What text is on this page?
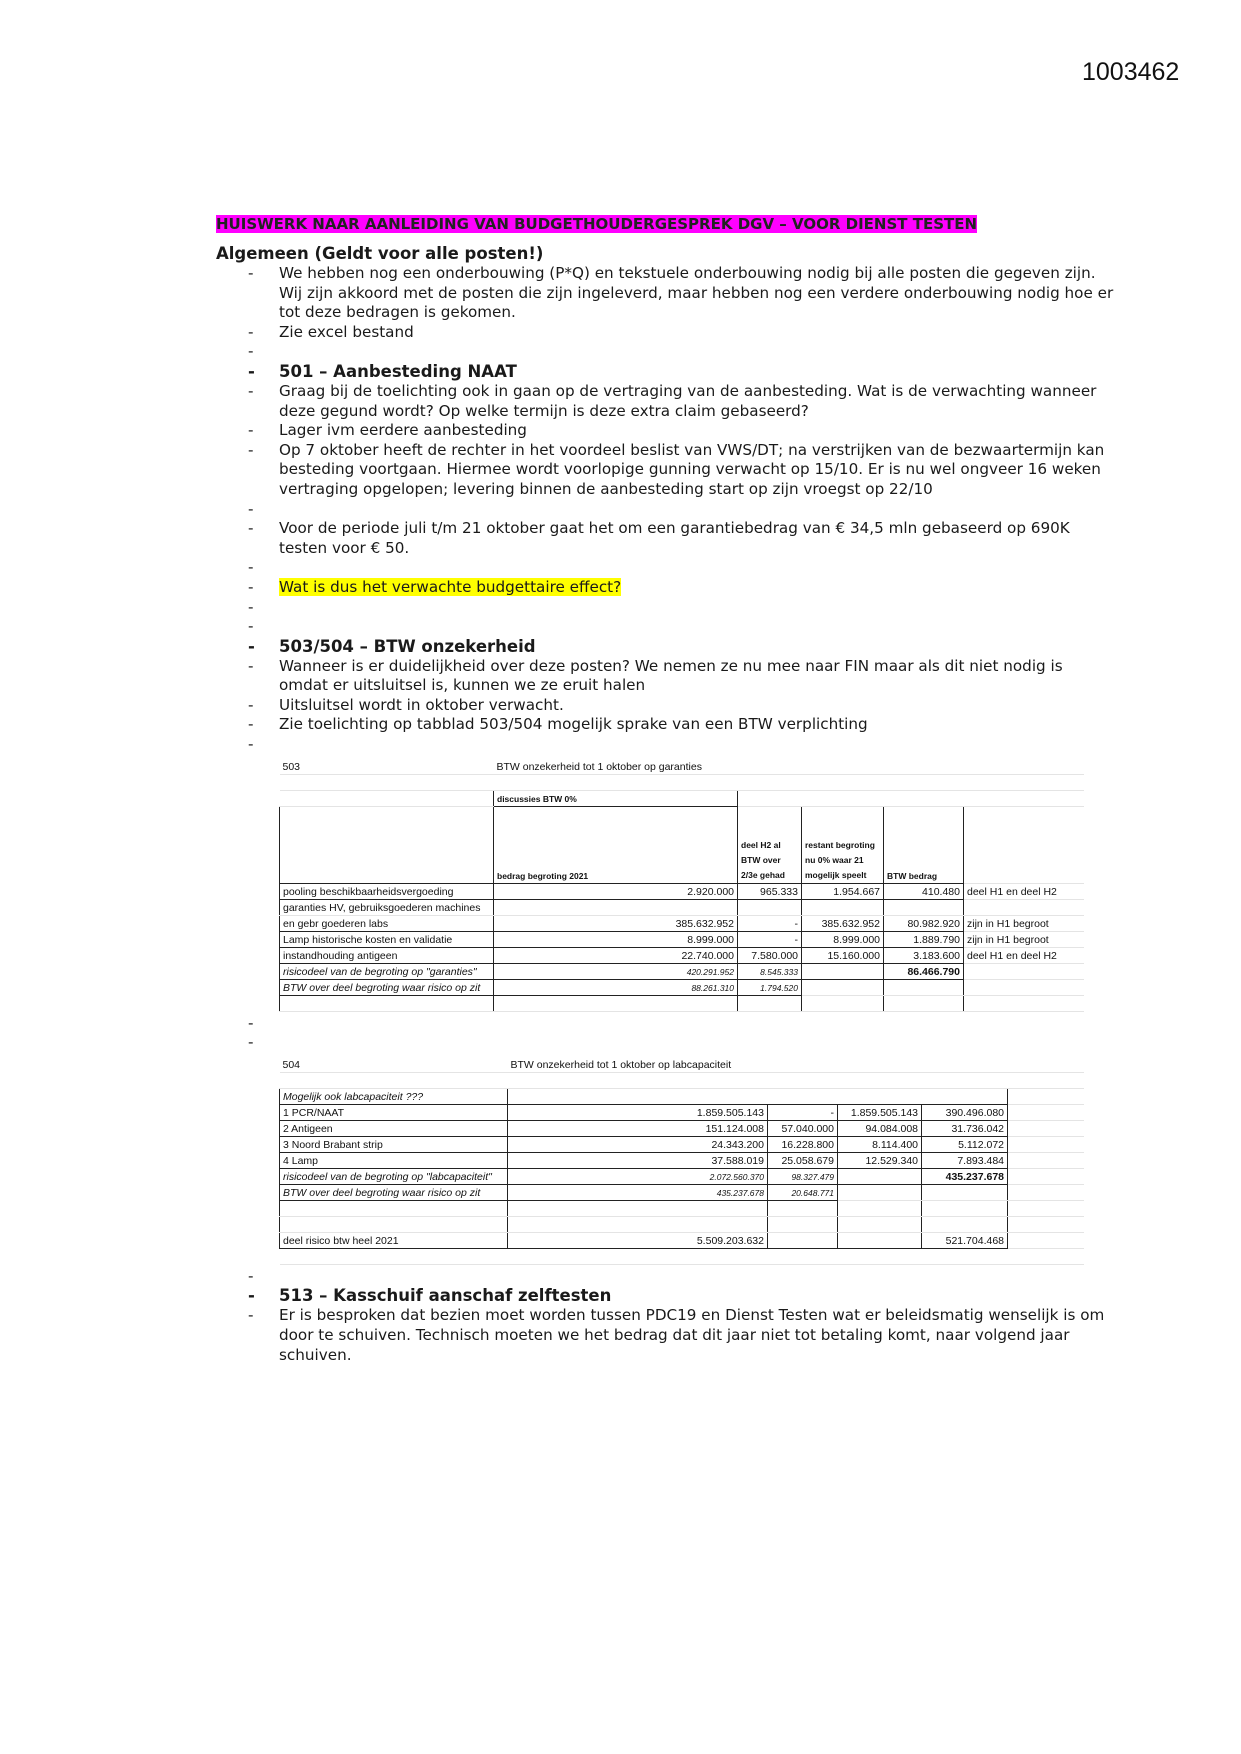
1003462
HUISWERK NAAR AANLEIDING VAN BUDGETHOUDERGESPREK DGV – VOOR DIENST TESTEN
Algemeen (Geldt voor alle posten!)
- We hebben nog een onderbouwing (P*Q) en tekstuele onderbouwing nodig bij alle posten die gegeven zijn. Wij zijn akkoord met de posten die zijn ingeleverd, maar hebben nog een verdere onderbouwing nodig hoe er tot deze bedragen is gekomen.
- Zie excel bestand
-
- 501 – Aanbesteding NAAT
- Graag bij de toelichting ook in gaan op de vertraging van de aanbesteding. Wat is de verwachting wanneer deze gegund wordt? Op welke termijn is deze extra claim gebaseerd?
- Lager ivm eerdere aanbesteding
- Op 7 oktober heeft de rechter in het voordeel beslist van VWS/DT; na verstrijken van de bezwaartermijn kan besteding voortgaan. Hiermee wordt voorlopige gunning verwacht op 15/10. Er is nu wel ongveer 16 weken vertraging opgelopen; levering binnen de aanbesteding start op zijn vroegst op 22/10
-
- Voor de periode juli t/m 21 oktober gaat het om een garantiebedrag van € 34,5 mln gebaseerd op 690K testen voor € 50.
-
- Wat is dus het verwachte budgettaire effect?
-
-
- 503/504 – BTW onzekerheid
- Wanneer is er duidelijkheid over deze posten? We nemen ze nu mee naar FIN maar als dit niet nodig is omdat er uitsluitsel is, kunnen we ze eruit halen
- Uitsluitsel wordt in oktober verwacht.
- Zie toelichting op tabblad 503/504 mogelijk sprake van een BTW verplichting
-
503	BTW onzekerheid tot 1 oktober op garanties				

	discussies BTW 0%				
	bedrag begroting 2021	deel H2 al BTW over 2/3e gehad	restant begroting nu 0% waar 21 mogelijk speelt	BTW bedrag	
pooling beschikbaarheidsvergoeding	2.920.000	965.333	1.954.667	410.480	deel H1 en deel H2
garanties HV, gebruiksgoederen machines					
en gebr goederen labs	385.632.952	-	385.632.952	80.982.920	zijn in H1 begroot
Lamp historische kosten en validatie	8.999.000	-	8.999.000	1.889.790	zijn in H1 begroot
instandhouding antigeen	22.740.000	7.580.000	15.160.000	3.183.600	deel H1 en deel H2
risicodeel van de begroting op "garanties"	420.291.952	8.545.333		86.466.790	
BTW over deel begroting waar risico op zit	88.261.310	1.794.520			

-
-
504	BTW onzekerheid tot 1 oktober op labcapaciteit				

Mogelijk ook labcapaciteit ???					
1 PCR/NAAT	1.859.505.143	-	1.859.505.143	390.496.080	
2 Antigeen	151.124.008	57.040.000	94.084.008	31.736.042	
3 Noord Brabant strip	24.343.200	16.228.800	8.114.400	5.112.072	
4 Lamp	37.588.019	25.058.679	12.529.340	7.893.484	
risicodeel van de begroting op "labcapaciteit"	2.072.560.370	98.327.479		435.237.678	
BTW over deel begroting waar risico op zit	435.237.678	20.648.771			

deel risico btw heel 2021	5.509.203.632			521.704.468	

-
- 513 – Kasschuif aanschaf zelftesten
- Er is besproken dat bezien moet worden tussen PDC19 en Dienst Testen wat er beleidsmatig wenselijk is om door te schuiven. Technisch moeten we het bedrag dat dit jaar niet tot betaling komt, naar volgend jaar schuiven.
